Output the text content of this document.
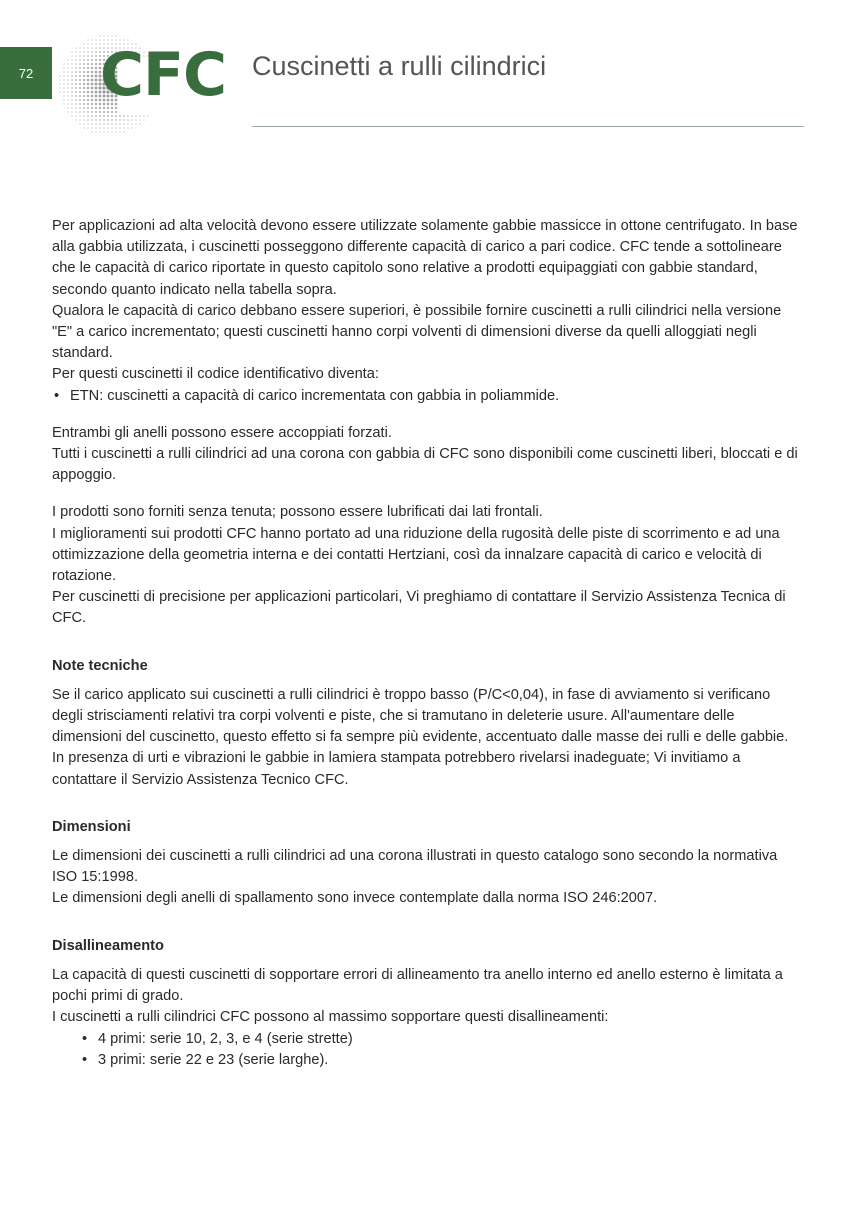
72	CFC Cuscinetti a rulli cilindrici

Per applicazioni ad alta velocità devono essere utilizzate solamente gabbie massicce in ottone centrifugato. In base alla gabbia utilizzata, i cuscinetti posseggono differente capacità di carico a pari codice. CFC tende a sottolineare che le capacità di carico riportate in questo capitolo sono relative a prodotti equipaggiati con gabbie standard, secondo quanto indicato nella tabella sopra.

Qualora le capacità di carico debbano essere superiori, è possibile fornire cuscinetti a rulli cilindrici nella versione "E" a carico incrementato; questi cuscinetti hanno corpi volventi di dimensioni diverse da quelli alloggiati negli standard.

Per questi cuscinetti il codice identificativo diventa:

• ETN: cuscinetti a capacità di carico incrementata con gabbia in poliammide.

Entrambi gli anelli possono essere accoppiati forzati.

Tutti i cuscinetti a rulli cilindrici ad una corona con gabbia di CFC sono disponibili come cuscinetti liberi, bloccati e di appoggio.

I prodotti sono forniti senza tenuta; possono essere lubrificati dai lati frontali.

I miglioramenti sui prodotti CFC hanno portato ad una riduzione della rugosità delle piste di scorrimento e ad una ottimizzazione della geometria interna e dei contatti Hertziani, così da innalzare capacità di carico e velocità di rotazione.

Per cuscinetti di precisione per applicazioni particolari, Vi preghiamo di contattare il Servizio Assistenza Tecnica di CFC.

Note tecniche

Se il carico applicato sui cuscinetti a rulli cilindrici è troppo basso (P/C<0,04), in fase di avviamento si verificano degli strisciamenti relativi tra corpi volventi e piste, che si tramutano in deleterie usure. All'aumentare delle dimensioni del cuscinetto, questo effetto si fa sempre più evidente, accentuato dalle masse dei rulli e delle gabbie.

In presenza di urti e vibrazioni le gabbie in lamiera stampata potrebbero rivelarsi inadeguate; Vi invitiamo a contattare il Servizio Assistenza Tecnico CFC.

Dimensioni

Le dimensioni dei cuscinetti a rulli cilindrici ad una corona illustrati in questo catalogo sono secondo la normativa ISO 15:1998.

Le dimensioni degli anelli di spallamento sono invece contemplate dalla norma ISO 246:2007.

Disallineamento

La capacità di questi cuscinetti di sopportare errori di allineamento tra anello interno ed anello esterno è limitata a pochi primi di grado.

I cuscinetti a rulli cilindrici CFC possono al massimo sopportare questi disallineamenti:

• 4 primi: serie 10, 2, 3, e 4 (serie strette)
• 3 primi: serie 22 e 23 (serie larghe).
